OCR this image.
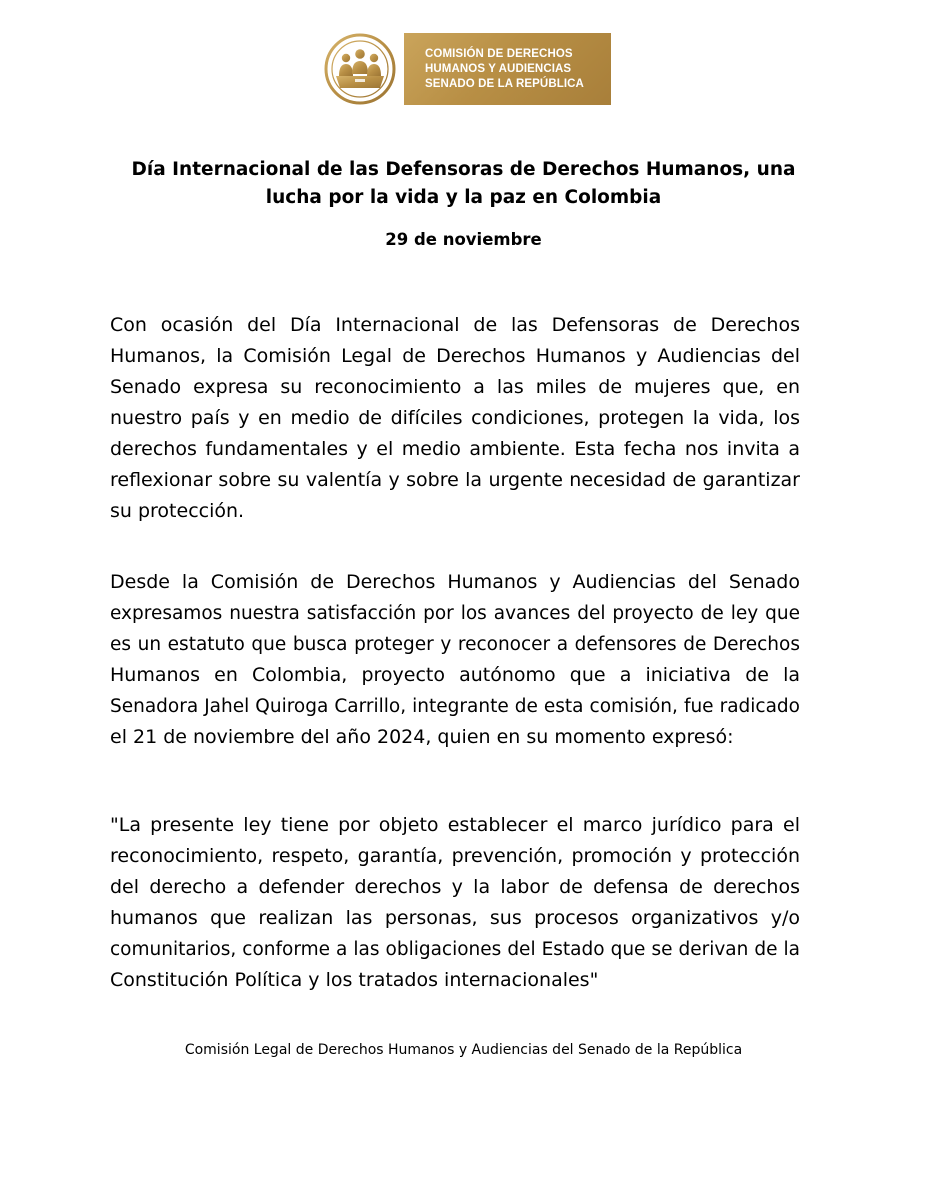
COMISIÓN DE DERECHOS
HUMANOS Y AUDIENCIAS
SENADO DE LA REPÚBLICA
Día Internacional de las Defensoras de Derechos Humanos, una
lucha por la vida y la paz en Colombia
29 de noviembre

Con ocasión del Día Internacional de las Defensoras de Derechos
Humanos, la Comisión Legal de Derechos Humanos y Audiencias del
Senado expresa su reconocimiento a las miles de mujeres que, en
nuestro país y en medio de difíciles condiciones, protegen la vida, los
derechos fundamentales y el medio ambiente. Esta fecha nos invita a
reflexionar sobre su valentía y sobre la urgente necesidad de garantizar
su protección.

Desde la Comisión de Derechos Humanos y Audiencias del Senado
expresamos nuestra satisfacción por los avances del proyecto de ley que
es un estatuto que busca proteger y reconocer a defensores de Derechos
Humanos en Colombia, proyecto autónomo que a iniciativa de la
Senadora Jahel Quiroga Carrillo, integrante de esta comisión, fue radicado
el 21 de noviembre del año 2024, quien en su momento expresó:

"La presente ley tiene por objeto establecer el marco jurídico para el
reconocimiento, respeto, garantía, prevención, promoción y protección
del derecho a defender derechos y la labor de defensa de derechos
humanos que realizan las personas, sus procesos organizativos y/o
comunitarios, conforme a las obligaciones del Estado que se derivan de la
Constitución Política y los tratados internacionales"

Comisión Legal de Derechos Humanos y Audiencias del Senado de la República
